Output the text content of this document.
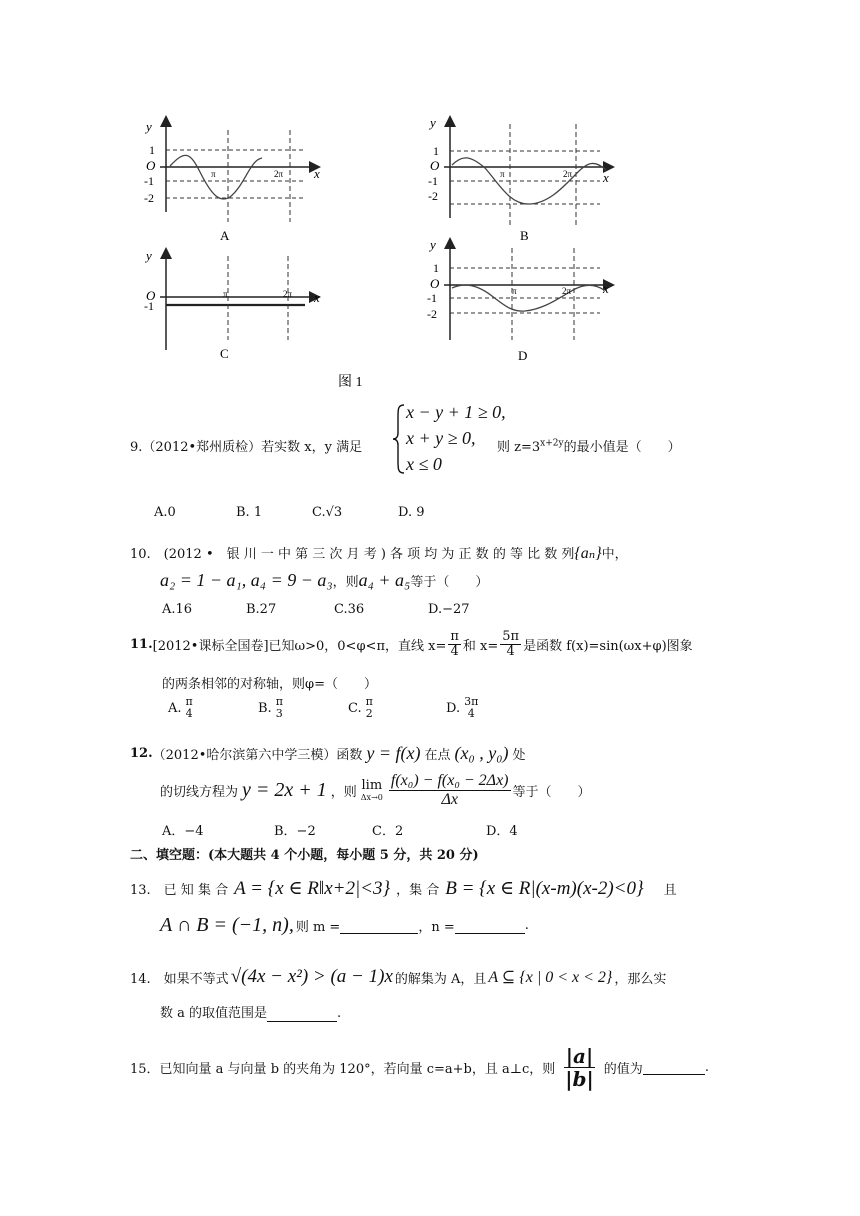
y
x
1
O
-1
-2
π	2π
A
y
x
1
O
-1
-2
π	2π
B
y
x
O
-1
π	2π
C
y
x
1
O
-1
-2
π	2π
D
图 1
9.（2012•郑州质检）若实数 x，y 满足
x − y + 1 ≥ 0,
x + y ≥ 0,
x ≤ 0
则 $z=3^{x+2y}$的最小值是（　　）
A.0	B. 1	C.√3	D. 9
10.　(2012 •　银 川 一 中 第 三 次 月 考 ) 各 项 均 为 正 数 的 等 比 数 列{aₙ}中，
a₂ = 1 − a₁, a₄ = 9 − a₃，则a₄ + a₅等于（　　）
A.16	B.27	C.36	D.−27
11. [2012•课标全国卷]已知ω>0，0<φ<π，直线 $x= \frac{\pi}{4}$ 和 $x= \frac{5\pi}{4}$ 是函数 f(x)=sin(ωx+φ)图象
的两条相邻的对称轴，则φ=（　　）
A. π
4	B. π
3	C. π
2	D. 3π
4
12. （2012•哈尔滨第六中学三模）函数 y = f(x) 在点 (x₀ , y₀) 处
的切线方程为 y = 2x + 1 ，则 lim
$\Delta x\to 0 \frac{\text{f(x₀) − f(x₀ − 2Δx)}}{\Delta x}$ 等于（　　）
A．−4	B．−2	C．2	D．4
二、填空题：(本大题共 4 个小题，每小题 5 分，共 20 分)
13.　已 知 集 合 A = {x ∈ R‖x+2|<3} ，集 合 B = {x ∈ R|(x-m)(x-2)<0} 且
A ∩ B = (−1, n), 则 m =
	，n =
	.
14.　如果不等式 √(4x − x²) > (a − 1)x 的解集为 A，且 A ⊆ {x | 0 < x < 2} ，那么实
数 a 的取值范围是	.
15．已知向量 a 与向量 b 的夹角为 120°，若向量 c=a+b，且 a⊥c，则 $\frac{|a|}{|b|}$ 的值为
	.
